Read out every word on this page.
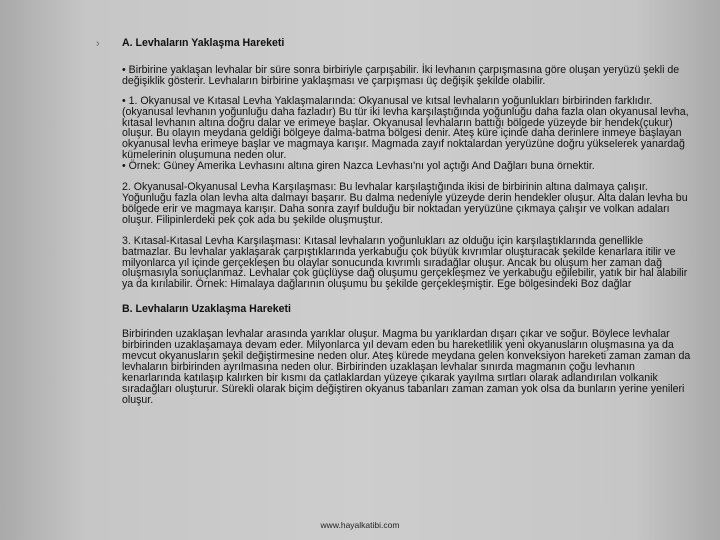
› A. Levhaların Yaklaşma Hareketi
• Birbirine yaklaşan levhalar bir süre sonra birbiriyle çarpışabilir. İki levhanın çarpışmasına göre oluşan yeryüzü şekli de değişiklik gösterir. Levhaların birbirine yaklaşması ve çarpışması üç değişik şekilde olabilir.
• 1. Okyanusal ve Kıtasal Levha Yaklaşmalarında: Okyanusal ve kıtsal levhaların yoğunlukları birbirinden farklıdır.(okyanusal levhanın yoğunluğu daha fazladır) Bu tür iki levha karşılaştığında yoğunluğu daha fazla olan okyanusal levha, kıtasal levhanın altına doğru dalar ve erimeye başlar. Okyanusal levhaların battığı bölgede yüzeyde bir hendek(çukur) oluşur. Bu olayın meydana geldiği bölgeye dalma-batma bölgesi denir. Ateş küre içinde daha derinlere inmeye başlayan okyanusal levha erimeye başlar ve magmaya karışır. Magmada zayıf noktalardan yeryüzüne doğru yükselerek yanardağ kümelerinin oluşumuna neden olur.
• Örnek: Güney Amerika Levhasını altına giren Nazca Levhası'nı yol açtığı And Dağları buna örnektir.
2. Okyanusal-Okyanusal Levha Karşılaşması: Bu levhalar karşılaştığında ikisi de birbirinin altına dalmaya çalışır. Yoğunluğu fazla olan levha alta dalmayı başarır. Bu dalma nedeniyle yüzeyde derin hendekler oluşur. Alta dalan levha bu bölgede erir ve magmaya karışır. Daha sonra zayıf bulduğu bir noktadan yeryüzüne çıkmaya çalışır ve volkan adaları oluşur. Filipinlerdeki pek çok ada bu şekilde oluşmuştur.
3. Kıtasal-Kıtasal Levha Karşılaşması: Kıtasal levhaların yoğunlukları az olduğu için karşılaştıklarında genellikle batmazlar. Bu levhalar yaklaşarak çarpıştıklarında yerkabuğu çok büyük kıvrımlar oluşturacak şekilde kenarlara itilir ve milyonlarca yıl içinde gerçekleşen bu olaylar sonucunda kıvrımlı sıradağlar oluşur. Ancak bu oluşum her zaman dağ oluşmasıyla sonuçlanmaz. Levhalar çok güçlüyse dağ oluşumu gerçekleşmez ve yerkabuğu eğilebilir, yatık bir hal alabilir ya da kırılabilir. Örnek: Himalaya dağlarının oluşumu bu şekilde gerçekleşmiştir. Ege bölgesindeki Boz dağlar
B. Levhaların Uzaklaşma Hareketi
Birbirinden uzaklaşan levhalar arasında yarıklar oluşur. Magma bu yarıklardan dışarı çıkar ve soğur. Böylece levhalar
birbirinden uzaklaşamaya devam eder. Milyonlarca yıl devam eden bu hareketlilik yeni okyanusların oluşmasına ya da mevcut okyanusların şekil değiştirmesine neden olur. Ateş kürede meydana gelen konveksiyon hareketi zaman zaman da levhaların birbirinden ayrılmasına neden olur. Birbirinden uzaklaşan levhalar sınırda magmanın çoğu levhanın kenarlarında katılaşıp kalırken bir kısmı da çatlaklardan yüzeye çıkarak yayılma sırtları olarak adlandırılan volkanik sıradağları oluşturur. Sürekli olarak biçim değiştiren okyanus tabanları zaman zaman yok olsa da bunların yerine yenileri oluşur.
www.hayalkatibi.com
